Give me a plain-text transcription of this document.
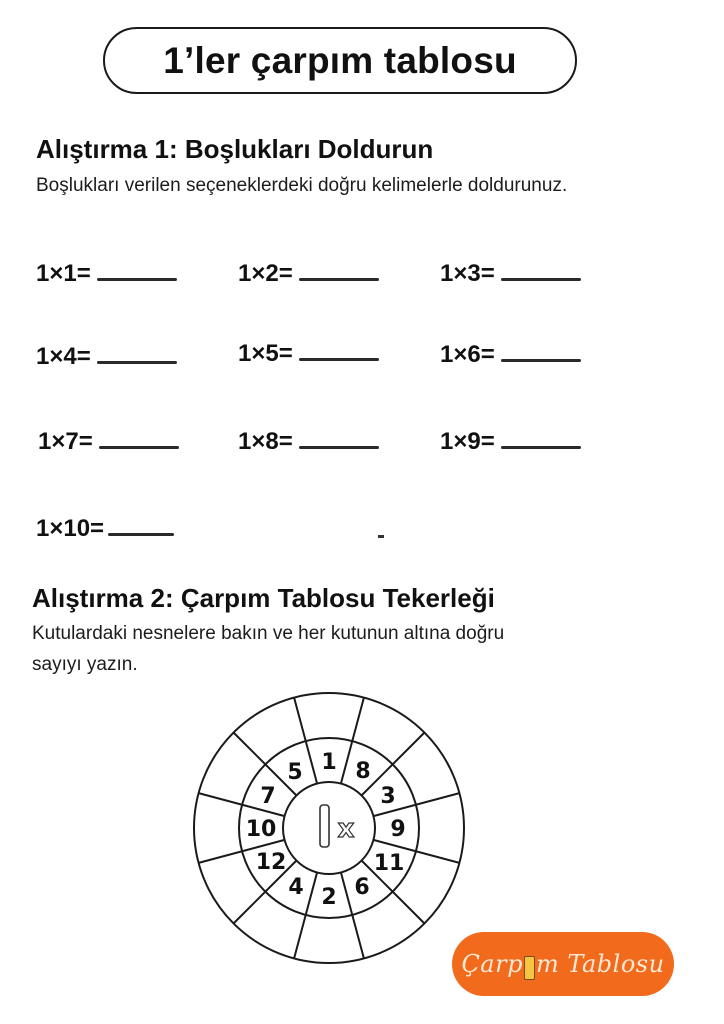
1’ler çarpım tablosu
Alıştırma 1: Boşlukları Doldurun
Boşlukları verilen seçeneklerdeki doğru kelimelerle doldurunuz.
1×1=	1×2=	1×3=
1×4=	1×5=	1×6=
1×7=	1×8=	1×9=
1×10=
Alıştırma 2: Çarpım Tablosu Tekerleği
Kutulardaki nesnelere bakın ve her kutunun altına doğru
sayıyı yazın.
x
1 8
3
9
11
6
2
4
12
10
7
5
Çarp m Tablosu
